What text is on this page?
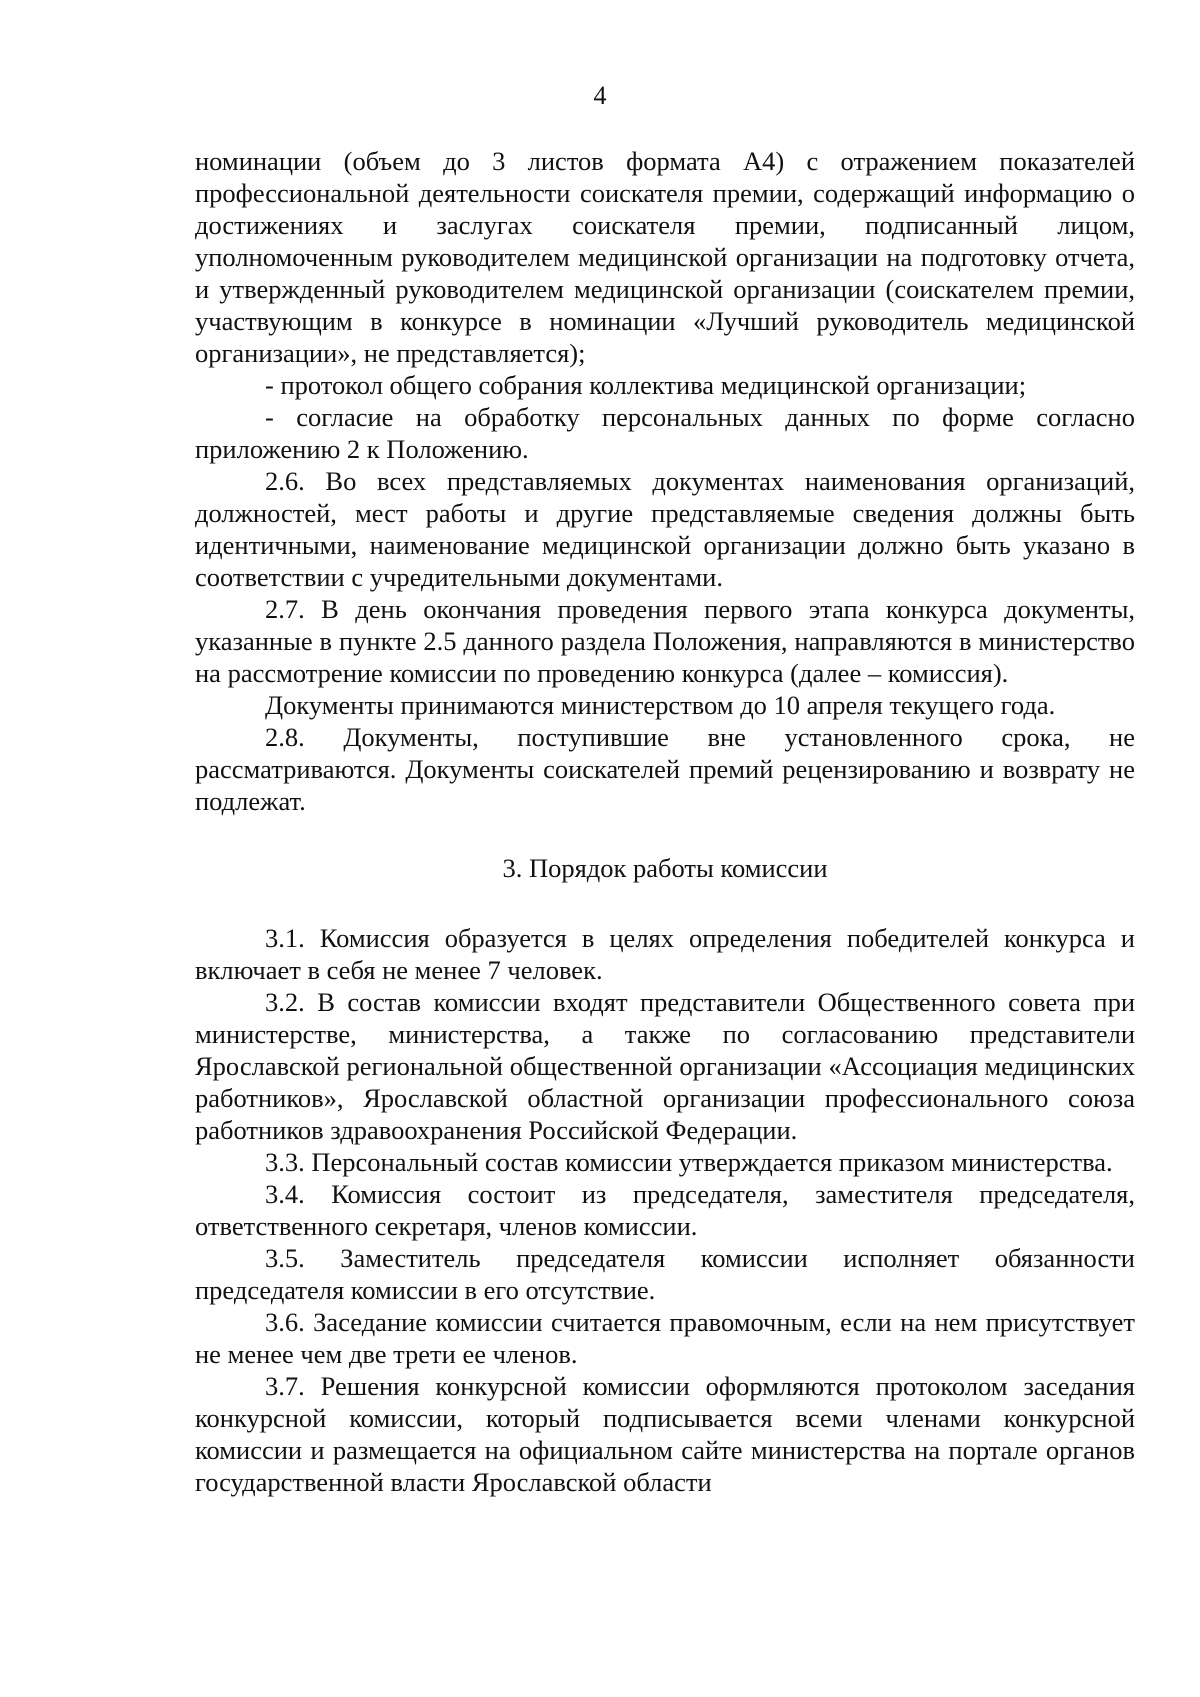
4

номинации (объем до 3 листов формата А4) с отражением показателей профессиональной деятельности соискателя премии, содержащий информацию о достижениях и заслугах соискателя премии, подписанный лицом, уполномоченным руководителем медицинской организации на подготовку отчета, и утвержденный руководителем медицинской организации (соискателем премии, участвующим в конкурсе в номинации «Лучший руководитель медицинской организации», не представляется);

- протокол общего собрания коллектива медицинской организации;

- согласие на обработку персональных данных по форме согласно приложению 2 к Положению.

2.6. Во всех представляемых документах наименования организаций, должностей, мест работы и другие представляемые сведения должны быть идентичными, наименование медицинской организации должно быть указано в соответствии с учредительными документами.

2.7. В день окончания проведения первого этапа конкурса документы, указанные в пункте 2.5 данного раздела Положения, направляются в министерство на рассмотрение комиссии по проведению конкурса (далее – комиссия).

Документы принимаются министерством до 10 апреля текущего года.

2.8. Документы, поступившие вне установленного срока, не рассматриваются. Документы соискателей премий рецензированию и возврату не подлежат.

3. Порядок работы комиссии

3.1. Комиссия образуется в целях определения победителей конкурса и включает в себя не менее 7 человек.

3.2. В состав комиссии входят представители Общественного совета при министерстве, министерства, а также по согласованию представители Ярославской региональной общественной организации «Ассоциация медицинских работников», Ярославской областной организации профессионального союза работников здравоохранения Российской Федерации.

3.3. Персональный состав комиссии утверждается приказом министерства.

3.4. Комиссия состоит из председателя, заместителя председателя, ответственного секретаря, членов комиссии.

3.5. Заместитель председателя комиссии исполняет обязанности председателя комиссии в его отсутствие.

3.6. Заседание комиссии считается правомочным, если на нем присутствует не менее чем две трети ее членов.

3.7. Решения конкурсной комиссии оформляются протоколом заседания конкурсной комиссии, который подписывается всеми членами конкурсной комиссии и размещается на официальном сайте министерства на портале органов государственной власти Ярославской области
